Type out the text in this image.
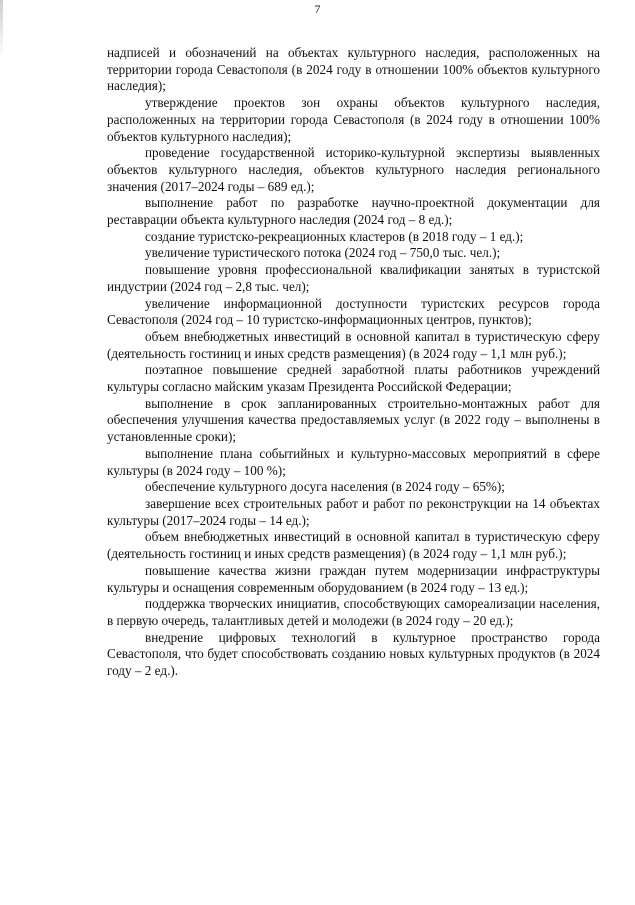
7

надписей и обозначений на объектах культурного наследия, расположенных на территории города Севастополя (в 2024 году в отношении 100% объектов культурного наследия);

утверждение проектов зон охраны объектов культурного наследия, расположенных на территории города Севастополя (в 2024 году в отношении 100% объектов культурного наследия);

проведение государственной историко-культурной экспертизы выявленных объектов культурного наследия, объектов культурного наследия регионального значения (2017–2024 годы – 689 ед.);

выполнение работ по разработке научно-проектной документации для реставрации объекта культурного наследия (2024 год – 8 ед.);

создание туристско-рекреационных кластеров (в 2018 году – 1 ед.);

увеличение туристического потока (2024 год – 750,0 тыс. чел.);

повышение уровня профессиональной квалификации занятых в туристской индустрии (2024 год – 2,8 тыс. чел);

увеличение информационной доступности туристских ресурсов города Севастополя (2024 год – 10 туристско-информационных центров, пунктов);

объем внебюджетных инвестиций в основной капитал в туристическую сферу (деятельность гостиниц и иных средств размещения) (в 2024 году – 1,1 млн руб.);

поэтапное повышение средней заработной платы работников учреждений культуры согласно майским указам Президента Российской Федерации;

выполнение в срок запланированных строительно-монтажных работ для обеспечения улучшения качества предоставляемых услуг (в 2022 году – выполнены в установленные сроки);

выполнение плана событийных и культурно-массовых мероприятий в сфере культуры (в 2024 году – 100 %);

обеспечение культурного досуга населения (в 2024 году – 65%);

завершение всех строительных работ и работ по реконструкции на 14 объектах культуры (2017–2024 годы – 14 ед.);

объем внебюджетных инвестиций в основной капитал в туристическую сферу (деятельность гостиниц и иных средств размещения) (в 2024 году – 1,1 млн руб.);

повышение качества жизни граждан путем модернизации инфраструктуры культуры и оснащения современным оборудованием (в 2024 году – 13 ед.);

поддержка творческих инициатив, способствующих самореализации населения, в первую очередь, талантливых детей и молодежи (в 2024 году – 20 ед.);

внедрение цифровых технологий в культурное пространство города Севастополя, что будет способствовать созданию новых культурных продуктов (в 2024 году – 2 ед.).
